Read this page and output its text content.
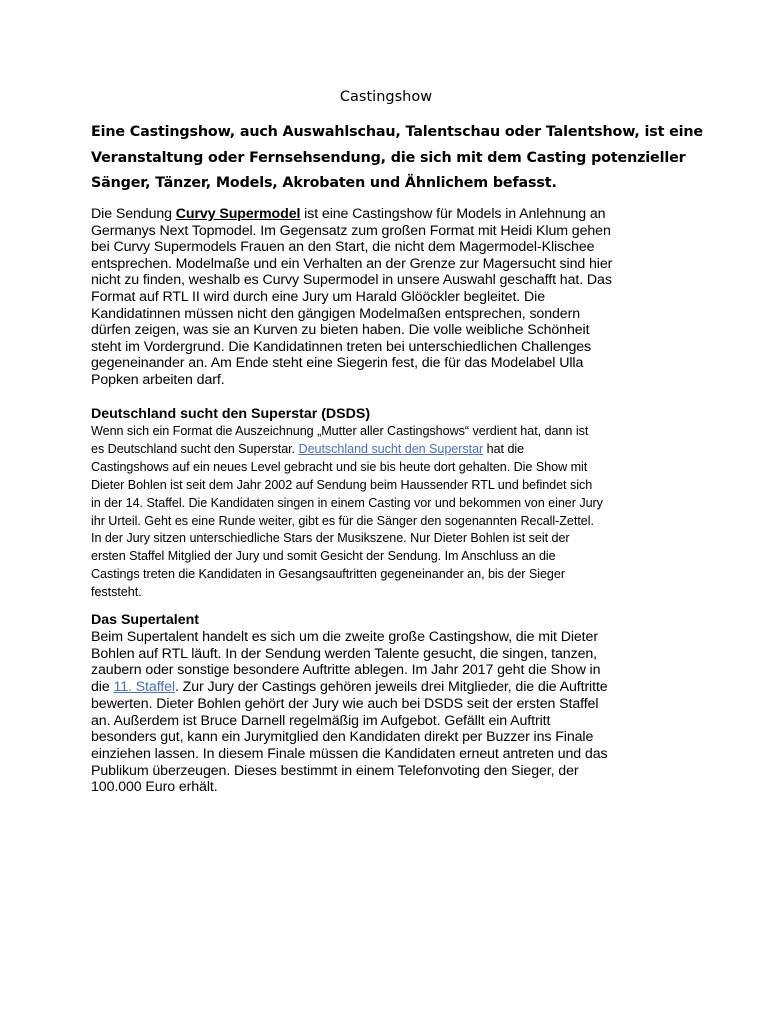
Castingshow
Eine Castingshow, auch Auswahlschau, Talentschau oder Talentshow, ist eine
Veranstaltung oder Fernsehsendung, die sich mit dem Casting potenzieller
Sänger, Tänzer, Models, Akrobaten und Ähnlichem befasst.
Die Sendung Curvy Supermodel ist eine Castingshow für Models in Anlehnung an
Germanys Next Topmodel. Im Gegensatz zum großen Format mit Heidi Klum gehen
bei Curvy Supermodels Frauen an den Start, die nicht dem Magermodel-Klischee
entsprechen. Modelmaße und ein Verhalten an der Grenze zur Magersucht sind hier
nicht zu finden, weshalb es Curvy Supermodel in unsere Auswahl geschafft hat. Das
Format auf RTL II wird durch eine Jury um Harald Glööckler begleitet. Die
Kandidatinnen müssen nicht den gängigen Modelmaßen entsprechen, sondern
dürfen zeigen, was sie an Kurven zu bieten haben. Die volle weibliche Schönheit
steht im Vordergrund. Die Kandidatinnen treten bei unterschiedlichen Challenges
gegeneinander an. Am Ende steht eine Siegerin fest, die für das Modelabel Ulla
Popken arbeiten darf.
Deutschland sucht den Superstar (DSDS)
Wenn sich ein Format die Auszeichnung „Mutter aller Castingshows“ verdient hat, dann ist
es Deutschland sucht den Superstar. Deutschland sucht den Superstar hat die
Castingshows auf ein neues Level gebracht und sie bis heute dort gehalten. Die Show mit
Dieter Bohlen ist seit dem Jahr 2002 auf Sendung beim Haussender RTL und befindet sich
in der 14. Staffel. Die Kandidaten singen in einem Casting vor und bekommen von einer Jury
ihr Urteil. Geht es eine Runde weiter, gibt es für die Sänger den sogenannten Recall-Zettel.
In der Jury sitzen unterschiedliche Stars der Musikszene. Nur Dieter Bohlen ist seit der
ersten Staffel Mitglied der Jury und somit Gesicht der Sendung. Im Anschluss an die
Castings treten die Kandidaten in Gesangsauftritten gegeneinander an, bis der Sieger
feststeht.
Das Supertalent
Beim Supertalent handelt es sich um die zweite große Castingshow, die mit Dieter
Bohlen auf RTL läuft. In der Sendung werden Talente gesucht, die singen, tanzen,
zaubern oder sonstige besondere Auftritte ablegen. Im Jahr 2017 geht die Show in
die 11. Staffel. Zur Jury der Castings gehören jeweils drei Mitglieder, die die Auftritte
bewerten. Dieter Bohlen gehört der Jury wie auch bei DSDS seit der ersten Staffel
an. Außerdem ist Bruce Darnell regelmäßig im Aufgebot. Gefällt ein Auftritt
besonders gut, kann ein Jurymitglied den Kandidaten direkt per Buzzer ins Finale
einziehen lassen. In diesem Finale müssen die Kandidaten erneut antreten und das
Publikum überzeugen. Dieses bestimmt in einem Telefonvoting den Sieger, der
100.000 Euro erhält.
